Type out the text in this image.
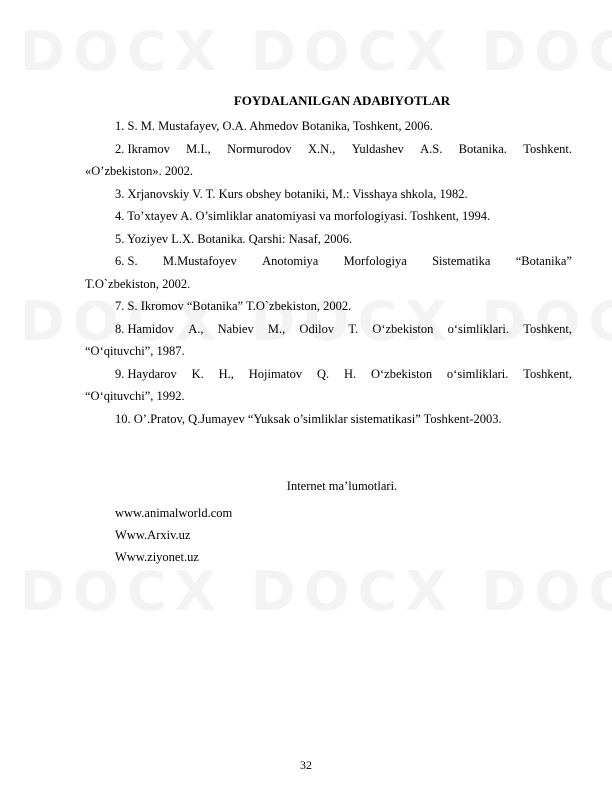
FOYDALANILGAN ADABIYOTLAR
1. S. M. Mustafayev, O.A. Ahmedov Botanika, Toshkent, 2006.
2. Ikramov M.I., Normurodov X.N., Yuldashev A.S. Botanika. Toshkent.
«O’zbekiston». 2002.
3. Xrjanovskiy V. T. Kurs obshey botaniki, M.: Visshaya shkola, 1982.
4. To’xtayev A. O’simliklar anatomiyasi va morfologiyasi. Toshkent, 1994.
5. Yoziyev L.X. Botanika. Qarshi: Nasaf, 2006.
6. S. M.Mustafoyev Anotomiya Morfologiya Sistematika “Botanika”
T.O`zbekiston, 2002.
7. S. Ikromov “Botanika” T.O`zbekiston, 2002.
8. Hamidov A., Nabiev M., Odilov T. O‘zbekiston o‘simliklari. Toshkent,
“O‘qituvchi”, 1987.
9. Haydarov K. H., Hojimatov Q. H. O‘zbekiston o‘simliklari. Toshkent,
“O‘qituvchi”, 1992.
10. O’.Pratov, Q.Jumayev “Yuksak o’simliklar sistematikasi” Toshkent-2003.
Internet ma’lumotlari.
www.animalworld.com
Www.Arxiv.uz
Www.ziyonet.uz
32
